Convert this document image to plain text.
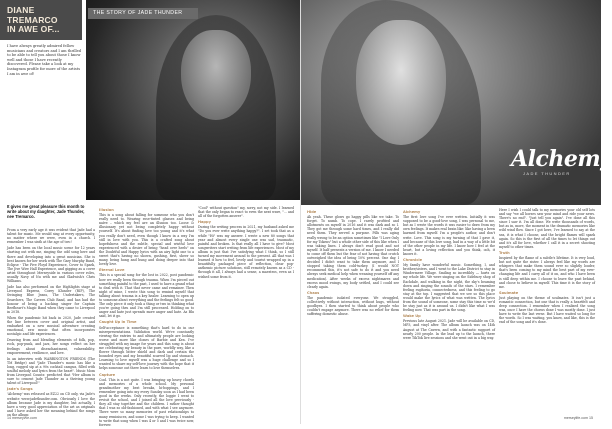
DIANE
TREMARCO
IN AWE OF...
THE STORY OF JADE THUNDER
I have always greatly admired fellow musicians and creators and I am thrilled to be able to tell you about those I know well and those I have recently discovered. Please take a look at my Instagram profile for more of the artists I am in awe of!
It gives me great pleasure this month to write about my daughter, Jade Thunder, nee Tremarco.

From a very early age it was evident that Jade had a talent for music. Me would sing at every opportunity, no matter where we were, even in a church. I remember I was sixth at the age of two!

Jade has been on the local music scene for 12 years starting out with me, singing the odd song here and there and developing into a great musician. She is best known for her work with The Gary Murphy Band, Eclipse - The Five Floyd Experience, Cover to Spark, The Jive Wire Hall Experience, and gigging as a cover artist throughout Merseyside in various cover roles, usually Navy of Nu with me and Gladwish's Chris Williams.

Jade has also performed on the Highlights stage at Liverpool Express, Corey Klunder (RIP), The Swinging Blue Jeans, The Undertakers, The Searchers, The Cavern Club Band, and has had the honour of being a backing singer for Captain Beefheart's Magic Band when they came to Liverpool in 2018.

When the pandemic hit back in 2020, Jade created the line between cover and original artist, and embarked on a new musical adventure creating emotional, raw music that often incorporates nostalgic and life experiences.

Drawing from and blending elements of folk, pop, rock, pop-punk, and jazz, her songs reflect on her feelings about disenchantment, vulnerability, empowerment, resilience, and love.

In an interview with WARRINGTON FRIENDS (The TM Bridge) and "Jade Thunder's music has like a long, rugged sip at a 90s cocktail campus, filled with soulful melody and lyrics from the heart". Music Mom from Liverpool Counts: predicted that "Her album is sure to cement Jade Thunder as a thriving young talent of Liverpool!"

Jade's Songs

'Alchemy' was released as EZ22 on CD only, via Jade's website www.jadethunder.com. Obviously I love the album because Jade is my daughter, but actually, I have a very good appreciation of the art as originals and I have asked her the meaning behind the songs on the album:

Illusion

This is a song about falling for someone who you don't really need to. Wearing rose-tinted glasses and being naïve – which my feel are an illusion too. Loose & illusionary yet not being completely happy without yourself. It's about finding love too young and it's what you really don't need, even though I know in a way I'm still in love with you. This is a crafted song about hopefulness and the subtle, special and wistful love experienced with a desire of being "head over heels" on the Doubtful and Happy lyrics with an airy light one to a sweet that's having no shown, gushing, first, sheer so many, being hung and hung and doing deeper into that lovely love.

Eternal Love

This is a special song for the lost in 2022, post pandemic how we really been through trauma. When I'm pieced out something painful to the past, I used to have a grand what to deal with it. That that never came and remainer. Then night of mine, I wrote this song to remind myself that talking about trauma is a key healer. Learning to open up to someone about everything and the feelings felt so good. The only piece it only took a thing or two in thinking what you're going thru and I'm still processed. Holding on to anger and hate just spreads more anger and hate. As Blu said, let it go.

Caught Up In Time

Self-acceptance is something that's hard to do in our misrepresentations. Validation world. We're constantly viewing the entries to and ultimately people are looking worse and more like clones of Barbie and Ken. I've struggled with my image for years and this song is about me celebrating my beauty in the pure, worldly way, like a flower through bitter shield and dark and certain the bounded eyes and my beautiful scarred lip and stomach. Learning to love myself was a huge challenge and so I wanted to share my self-love journey with the hope that it helps someone out there learn to love themselves.

Capture

Cool. This is a not quite. I was bringing up heavy chords and memories of a whole school. My personal grandmother my best breaks, hi-boppings, and I remember going into my every Sunday soon as I had been good in the weeks. Only recently, the loggie I went to revisit the school, and I joined all the love previously - they all stay together and the children. I rather thought that I was so old-fashioned, and with what I see anymore. There were so many memories of past relationships to many reminisces, and some I was trying to keep. I wanted to write that song when I was 4 or 5 and I was twice now, forever.

"Cool" without question" my, sorry, not my side. I learned that the only began to react to even the next wave, "... and all of the forgotten answer".

Happy

During the writing process in 2021, my husband asked me "Do you ever write anything happy?". I set took that as a while "Hi" was my answer. I wrote a new 80 songs that year and almost every single one was sad, traumatic, painful and broken. Is that really all I have to give? Most songwriters start writing from life experiences. Most of my album is just that I've satisfying what I think, so I still turned my movement around to the present. All that was I learned it how to feel, lovely and tourist wrapped up in a beautifully packaged piece of reflection, clear pop-anthemic picture solutions, still remotely known as a CD - through it all, I always had a sense, a maestros, even as I wished some from it.

14 merseyWe.com
Alchemy
JADE THUNDER
Hide

Ah yeah. These glows go happy pills like we take. To forget. To numb. To cope. I rarely profited and allotments on myself in 2016 and it was dark and so I. They got me through some hard times, and I really did need them. They served a purpose. Pills was aging really wrong to be an option sometimes like "I Love Only for my Tokens" but a whole other side of this like when I was taking lines. I always don't read good and not myself. It half presents a version of me. I know I needed to come off them but the fear of not having that crutch outweighed the idea of being 10% percent. One day, I decided I didn't want to take them anymore, and I stopped taking them cold-turkey. (I would NOT recommend this, it's not safe to do it and you need always seek medical help when weaning yourself off any medication). After weeks of excess nightmares and excess mood swings, my body settled, and I could see clearly again.

Chaos

The pandemic isolated everyone. We struggled, collectively without interaction, without hugs, without goodbyes. I then started to think about people who couldn't engage anymore. There was no relief for them suffering domestic abuse.

Alchemy

The first love song I've ever written. Initially it was supposed to be a good-love song, I was personal to me, but as I wrote the words it was easier to draw from my own feelings. It makes real brain like: like having a been harmed from myself. I'm a people's author, and don't write. Love. This song is my turning of that I gave it, and because of this love song, bad in a way of a little bit of the other people in my life. I know how I feel at the heart, but a loving reflection and you think, ooh, it knows it.

Chronicle

My family have wonderful music. Something, I, and brother/sisters, and I went to the Lake District to stay in Windermere Village. Smiling so incredibly — hurts on my whole life. We were singing on the Sidebury shop of Eachdale, and walking in the night, the sky's beaming down and singing the sounds of the stars. I remember feeling euphoria, connectedness, and this feeling to go stay at the top. I suggested that we see so this place would make the lyrics of what was written. The lyrics from the sound of someone, some stay this time so we'd be stay just as it is around us. I didn't like what I was feeling now. That was part in the song.

Wake Up

Previous late August 2021. Jade will be available on CD, MP3, and vinyl after. The album launch was on 14th August at The Cavern, and with a fantastic support of nearly 200 people. In the lead up to the launch, there were TikTok live sessions and she went out in a big way.

Here I wish I could talk to my memories your old self lots and say "we all horses saw your mind and ride your news. There's no end". "Just tell you again". I've done all this since I saw it. I'm all done. We write thousands of words, but as in, more, the moment in the dramatic memories like wild wind flow. Since I got here, I've learned to say at the sea, it is what I choose, and the bright flames will spark again. So this is the first of all the times to let things out and it's all for love, whether I call it in a secret shooting myself to other times.

Truth

Inspired by the flame of a subtle's lifetime. It is very loud, but not quite the sister. I always feel like my words are whispers that make them sound ever so slightly louder, that's been coming to my mind the best part of my ever-changing life and I carry all of it on, and who I have been is still deep within me. I choose to leave the past behind, and chose to believe in myself. This time it is the story of me.

Soulmate

Just playing on the theme of soulmates. It isn't just a romantic connection, but one that is really a heartfelt and deep connection. I remember when I realised the song was, once I have the chorus done I was mostly done. I just have to write the last verse. But I have waited so long for the words. So I was waiting, you know, and like, this is the end of the song and it's done.

merseylife.com 15
